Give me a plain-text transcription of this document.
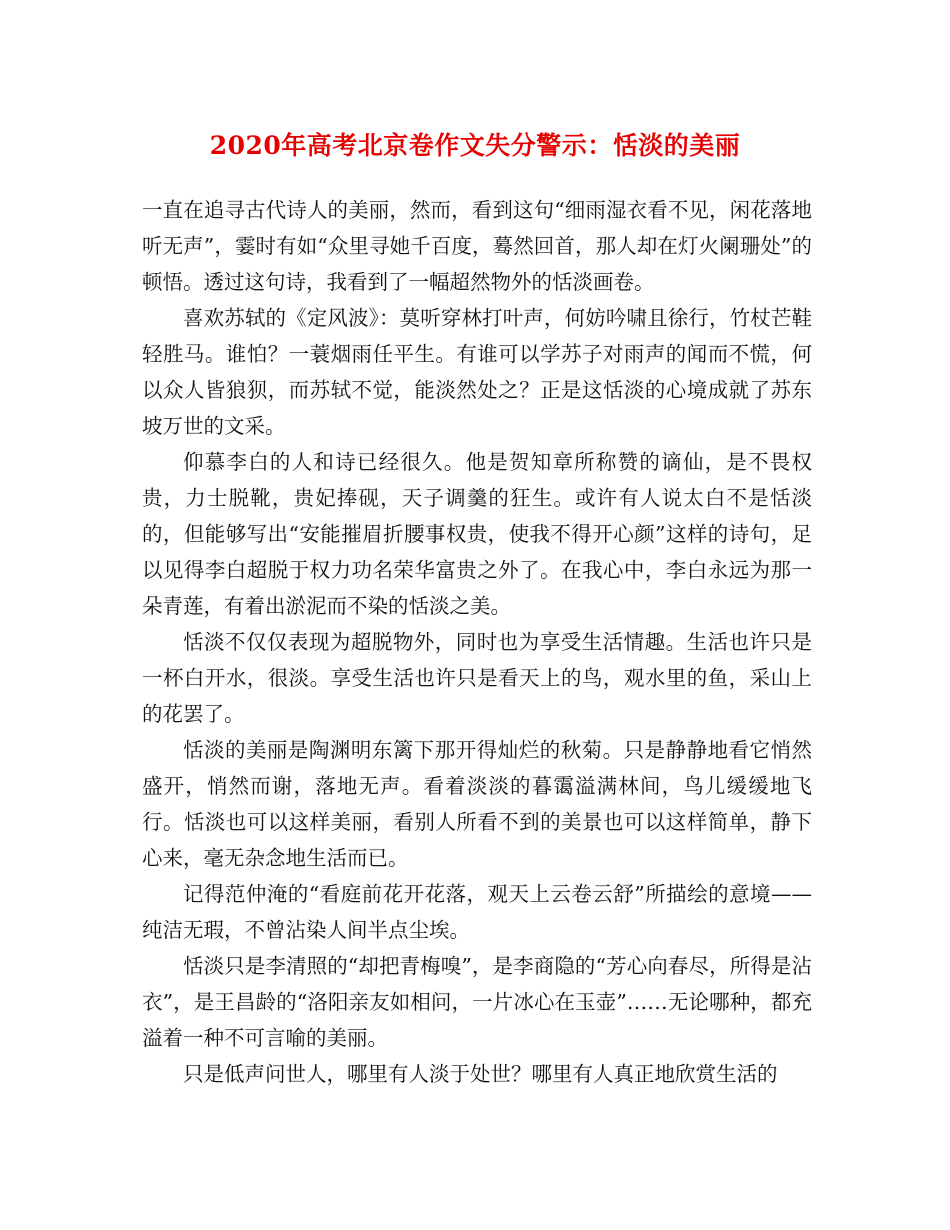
2020年高考北京卷作文失分警示：恬淡的美丽

一直在追寻古代诗人的美丽，然而，看到这句“细雨湿衣看不见，闲花落地听无声”，霎时有如“众里寻她千百度，蓦然回首，那人却在灯火阑珊处”的顿悟。透过这句诗，我看到了一幅超然物外的恬淡画卷。

喜欢苏轼的《定风波》：莫听穿林打叶声，何妨吟啸且徐行，竹杖芒鞋轻胜马。谁怕？一蓑烟雨任平生。有谁可以学苏子对雨声的闻而不慌，何以众人皆狼狈，而苏轼不觉，能淡然处之？正是这恬淡的心境成就了苏东坡万世的文采。

仰慕李白的人和诗已经很久。他是贺知章所称赞的谪仙，是不畏权贵，力士脱靴，贵妃捧砚，天子调羹的狂生。或许有人说太白不是恬淡的，但能够写出“安能摧眉折腰事权贵，使我不得开心颜”这样的诗句，足以见得李白超脱于权力功名荣华富贵之外了。在我心中，李白永远为那一朵青莲，有着出淤泥而不染的恬淡之美。

恬淡不仅仅表现为超脱物外，同时也为享受生活情趣。生活也许只是一杯白开水，很淡。享受生活也许只是看天上的鸟，观水里的鱼，采山上的花罢了。

恬淡的美丽是陶渊明东篱下那开得灿烂的秋菊。只是静静地看它悄然盛开，悄然而谢，落地无声。看着淡淡的暮霭溢满林间，鸟儿缓缓地飞行。恬淡也可以这样美丽，看别人所看不到的美景也可以这样简单，静下心来，毫无杂念地生活而已。

记得范仲淹的“看庭前花开花落，观天上云卷云舒”所描绘的意境——纯洁无瑕，不曾沾染人间半点尘埃。

恬淡只是李清照的“却把青梅嗅”，是李商隐的“芳心向春尽，所得是沾衣”，是王昌龄的“洛阳亲友如相问，一片冰心在玉壶”……无论哪种，都充溢着一种不可言喻的美丽。

只是低声问世人，哪里有人淡于处世？哪里有人真正地欣赏生活的
